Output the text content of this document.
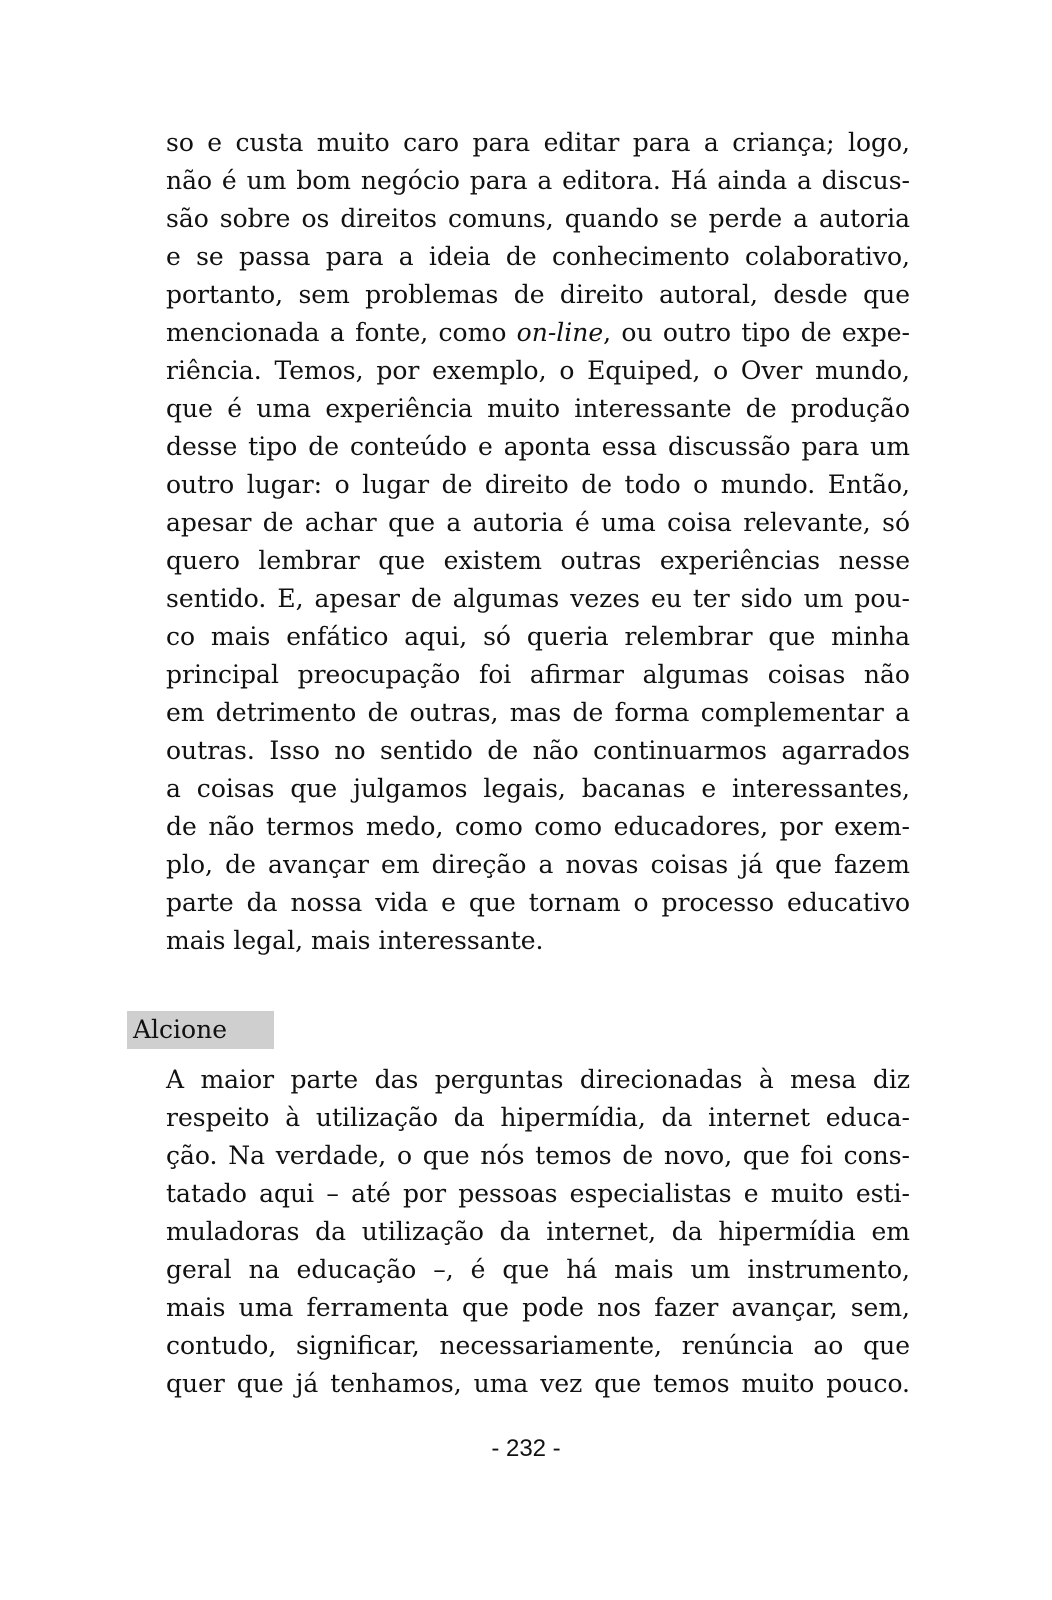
so e custa muito caro para editar para a criança; logo,
não é um bom negócio para a editora. Há ainda a discus-
são sobre os direitos comuns, quando se perde a autoria
e se passa para a ideia de conhecimento colaborativo,
portanto, sem problemas de direito autoral, desde que
mencionada a fonte, como on-line, ou outro tipo de expe-
riência. Temos, por exemplo, o Equiped, o Over mundo,
que é uma experiência muito interessante de produção
desse tipo de conteúdo e aponta essa discussão para um
outro lugar: o lugar de direito de todo o mundo. Então,
apesar de achar que a autoria é uma coisa relevante, só
quero lembrar que existem outras experiências nesse
sentido. E, apesar de algumas vezes eu ter sido um pou-
co mais enfático aqui, só queria relembrar que minha
principal preocupação foi afirmar algumas coisas não
em detrimento de outras, mas de forma complementar a
outras. Isso no sentido de não continuarmos agarrados
a coisas que julgamos legais, bacanas e interessantes,
de não termos medo, como como educadores, por exem-
plo, de avançar em direção a novas coisas já que fazem
parte da nossa vida e que tornam o processo educativo
mais legal, mais interessante.
Alcione
A maior parte das perguntas direcionadas à mesa diz
respeito à utilização da hipermídia, da internet educa-
ção. Na verdade, o que nós temos de novo, que foi cons-
tatado aqui – até por pessoas especialistas e muito esti-
muladoras da utilização da internet, da hipermídia em
geral na educação –, é que há mais um instrumento,
mais uma ferramenta que pode nos fazer avançar, sem,
contudo, significar, necessariamente, renúncia ao que
quer que já tenhamos, uma vez que temos muito pouco.
- 232 -
